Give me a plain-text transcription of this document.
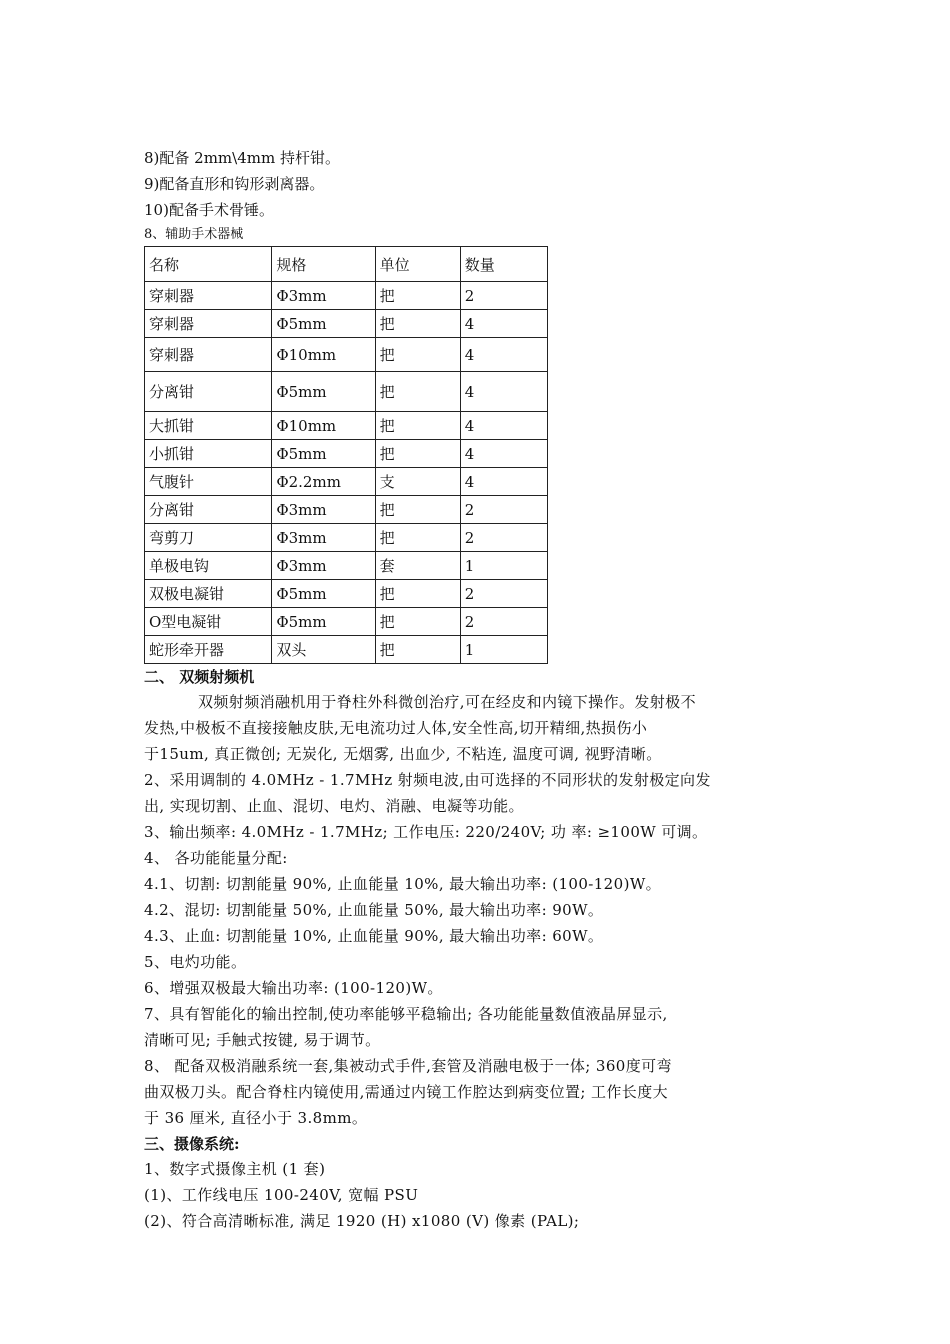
8)配备 2mm\4mm 持杆钳。
9)配备直形和钩形剥离器。
10)配备手术骨锤。
8、辅助手术器械
名称	规格	单位	数量
穿刺器	Φ3mm	把	2
穿刺器	Φ5mm	把	4
穿刺器	Φ10mm	把	4
分离钳	Φ5mm	把	4
大抓钳	Φ10mm	把	4
小抓钳	Φ5mm	把	4
气腹针	Φ2.2mm	支	4
分离钳	Φ3mm	把	2
弯剪刀	Φ3mm	把	2
单极电钩	Φ3mm	套	1
双极电凝钳	Φ5mm	把	2
O型电凝钳	Φ5mm	把	2
蛇形牵开器	双头	把	1
二、 双频射频机
双频射频消融机用于脊柱外科微创治疗,可在经皮和内镜下操作。发射极不
发热,中极板不直接接触皮肤,无电流功过人体,安全性高,切开精细,热损伤小
于15um, 真正微创; 无炭化, 无烟雾, 出血少, 不粘连, 温度可调, 视野清晰。
2、采用调制的 4.0MHz - 1.7MHz 射频电波,由可选择的不同形状的发射极定向发
出, 实现切割、止血、混切、电灼、消融、电凝等功能。
3、输出频率: 4.0MHz - 1.7MHz; 工作电压: 220/240V; 功 率: ≥100W 可调。
4、 各功能能量分配:
4.1、切割: 切割能量 90%, 止血能量 10%, 最大输出功率: (100-120)W。
4.2、混切: 切割能量 50%, 止血能量 50%, 最大输出功率: 90W。
4.3、止血: 切割能量 10%, 止血能量 90%, 最大输出功率: 60W。
5、电灼功能。
6、增强双极最大输出功率: (100-120)W。
7、具有智能化的输出控制,使功率能够平稳输出; 各功能能量数值液晶屏显示,
清晰可见; 手触式按键, 易于调节。
8、 配备双极消融系统一套,集被动式手件,套管及消融电极于一体; 360度可弯
曲双极刀头。配合脊柱内镜使用,需通过内镜工作腔达到病变位置; 工作长度大
于 36 厘米, 直径小于 3.8mm。
三、摄像系统:
1、数字式摄像主机 (1 套)
(1)、工作线电压 100-240V, 宽幅 PSU
(2)、符合高清晰标准, 满足 1920 (H) x1080 (V) 像素 (PAL);
